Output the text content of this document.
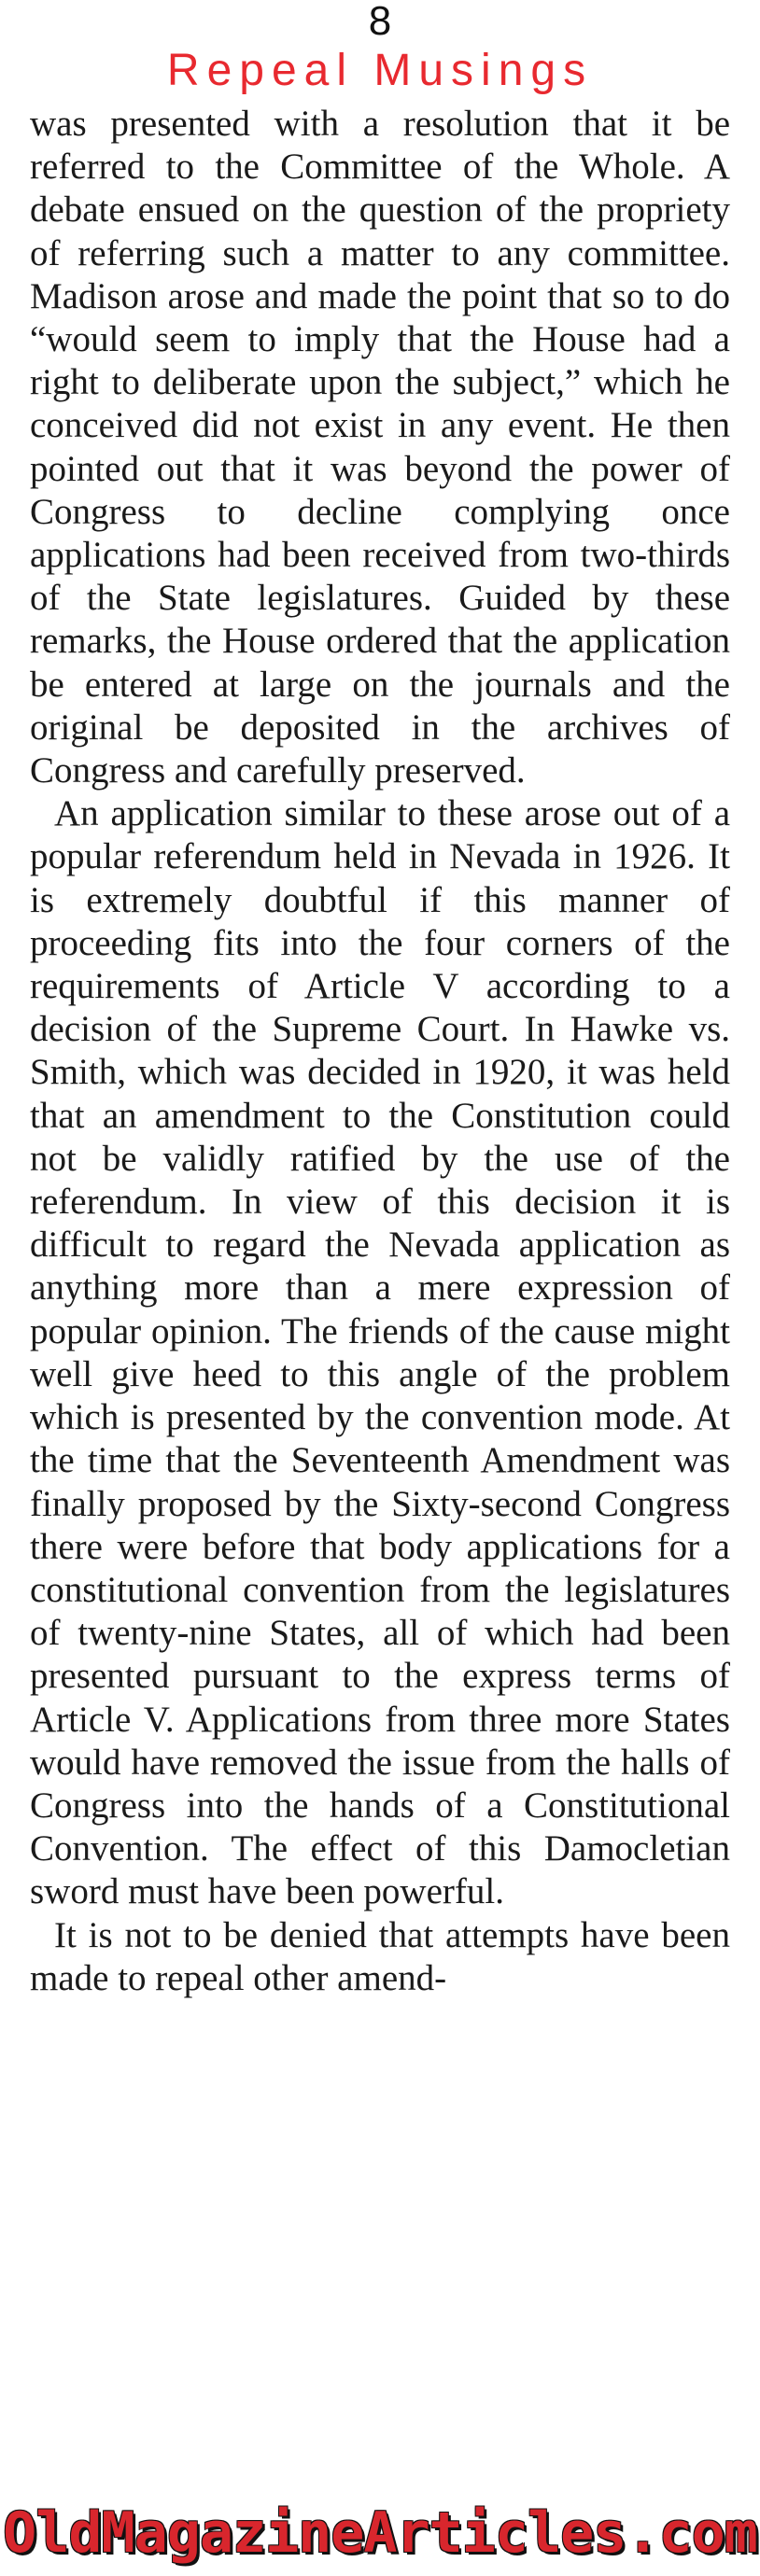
8
Repeal Musings

was presented with a resolution that it be referred to the Committee of the Whole. A debate ensued on the question of the propriety of referring such a matter to any committee. Madison arose and made the point that so to do “would seem to imply that the House had a right to deliberate upon the subject,” which he conceived did not exist in any event. He then pointed out that it was beyond the power of Congress to decline complying once applications had been received from two-thirds of the State legislatures. Guided by these remarks, the House ordered that the application be entered at large on the journals and the original be deposited in the archives of Congress and carefully preserved.

An application similar to these arose out of a popular referendum held in Nevada in 1926. It is extremely doubtful if this manner of proceeding fits into the four corners of the requirements of Article V according to a decision of the Supreme Court. In Hawke vs. Smith, which was decided in 1920, it was held that an amendment to the Constitution could not be validly ratified by the use of the referendum. In view of this decision it is difficult to regard the Nevada application as anything more than a mere expression of popular opinion. The friends of the cause might well give heed to this angle of the problem which is presented by the convention mode. At the time that the Seventeenth Amendment was finally proposed by the Sixty-second Congress there were before that body applications for a constitutional convention from the legislatures of twenty-nine States, all of which had been presented pursuant to the express terms of Article V. Applications from three more States would have removed the issue from the halls of Congress into the hands of a Constitutional Convention. The effect of this Damocletian sword must have been powerful.

It is not to be denied that attempts have been made to repeal other amend-

OldMagazineArticles.com
